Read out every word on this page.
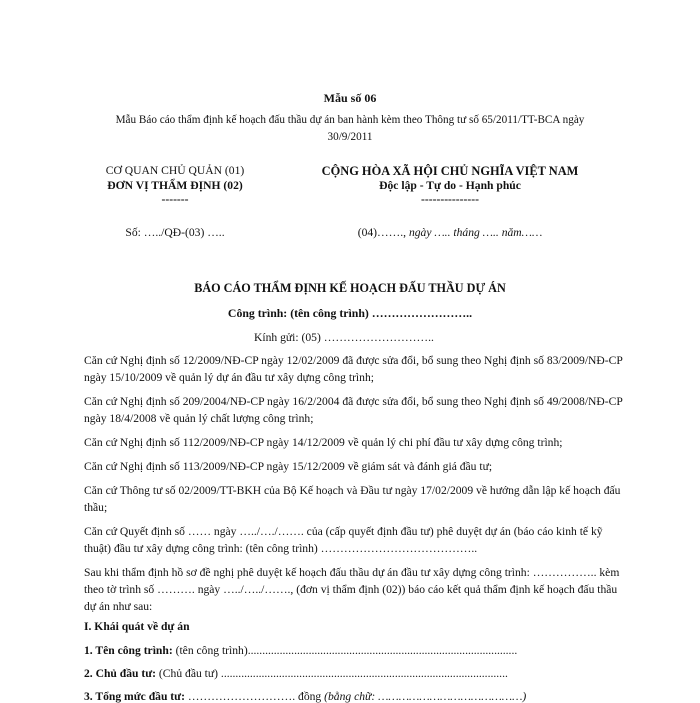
Mẫu số 06
Mẫu Báo cáo thẩm định kế hoạch đấu thầu dự án ban hành kèm theo Thông tư số 65/2011/TT-BCA ngày
30/9/2011
CƠ QUAN CHỦ QUẢN (01)
ĐƠN VỊ THẨM ĐỊNH (02)
-------
Số: …../QĐ-(03) …..
CỘNG HÒA XÃ HỘI CHỦ NGHĨA VIỆT NAM
Độc lập - Tự do - Hạnh phúc
---------------
(04)……., ngày ….. tháng ….. năm……
BÁO CÁO THẨM ĐỊNH KẾ HOẠCH ĐẤU THẦU DỰ ÁN
Công trình: (tên công trình) ……………………..
Kính gửi: (05) ………………………..
Căn cứ Nghị định số 12/2009/NĐ-CP ngày 12/02/2009 đã được sửa đổi, bổ sung theo Nghị định số 83/2009/NĐ-CP ngày 15/10/2009 về quản lý dự án đầu tư xây dựng công trình;
Căn cứ Nghị định số 209/2004/NĐ-CP ngày 16/2/2004 đã được sửa đổi, bổ sung theo Nghị định số 49/2008/NĐ-CP ngày 18/4/2008 về quản lý chất lượng công trình;
Căn cứ Nghị định số 112/2009/NĐ-CP ngày 14/12/2009 về quản lý chi phí đầu tư xây dựng công trình;
Căn cứ Nghị định số 113/2009/NĐ-CP ngày 15/12/2009 về giám sát và đánh giá đầu tư;
Căn cứ Thông tư số 02/2009/TT-BKH của Bộ Kế hoạch và Đầu tư ngày 17/02/2009 về hướng dẫn lập kế hoạch đấu thầu;
Căn cứ Quyết định số …… ngày …../…./……. của (cấp quyết định đầu tư) phê duyệt dự án (báo cáo kinh tế kỹ thuật) đầu tư xây dựng công trình: (tên công trình) …………………………………..
Sau khi thẩm định hồ sơ đề nghị phê duyệt kế hoạch đấu thầu dự án đầu tư xây dựng công trình: …………….. kèm theo tờ trình số ………. ngày …../…../……., (đơn vị thẩm định (02)) báo cáo kết quả thẩm định kế hoạch đấu thầu dự án như sau:
I. Khái quát về dự án
1. Tên công trình: (tên công trình).............................................................................................
2. Chủ đầu tư: (Chủ đầu tư) ...................................................................................................
3. Tổng mức đầu tư: ………………………. đồng (bằng chữ: ……………………………………)
